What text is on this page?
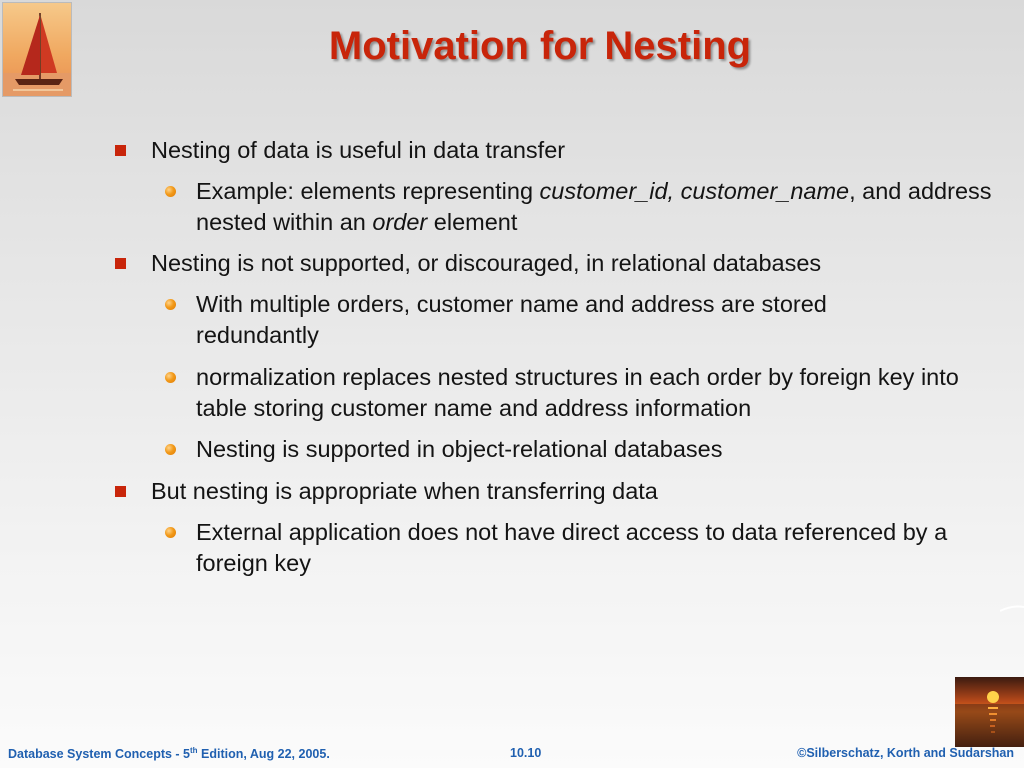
Motivation for Nesting
Nesting of data is useful in data transfer
Example: elements representing customer_id, customer_name, and address nested within an order element
Nesting is not supported, or discouraged, in relational databases
With multiple orders, customer name and address are stored redundantly
normalization replaces nested structures in each order by foreign key into table storing customer name and address information
Nesting is supported in object-relational databases
But nesting is appropriate when transferring data
External application does not have direct access to data referenced by a foreign key
Database System Concepts - 5th Edition, Aug 22, 2005.	10.10	©Silberschatz, Korth and Sudarshan
